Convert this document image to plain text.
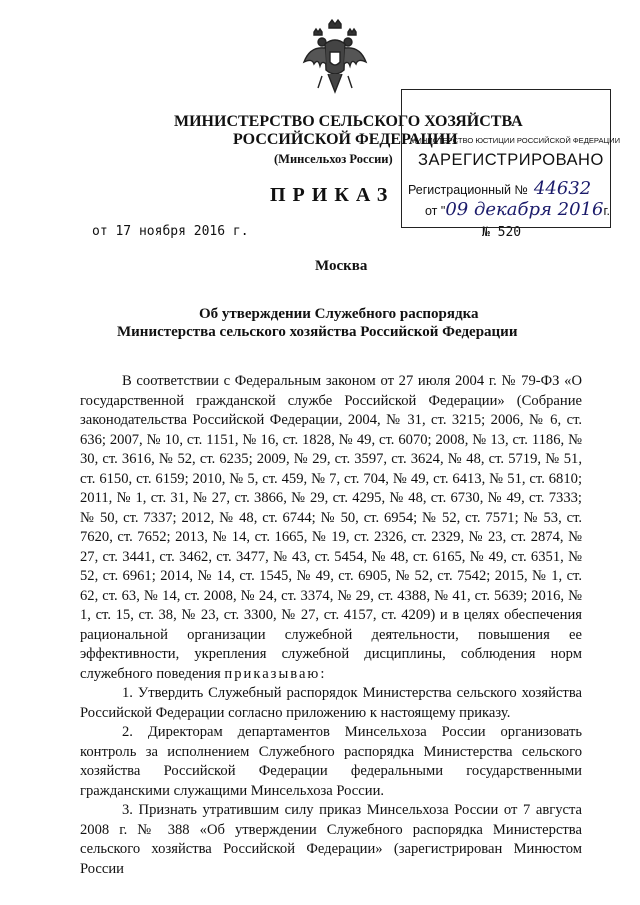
МИНИСТЕРСТВО СЕЛЬСКОГО ХОЗЯЙСТВА
РОССИЙСКОЙ ФЕДЕРАЦИИ
(Минсельхоз России)
ПРИКАЗ
от 17 ноября 2016 г.	№ 520
МИНИСТЕРСТВО ЮСТИЦИИ РОССИЙСКОЙ ФЕДЕРАЦИИ
ЗАРЕГИСТРИРОВАНО
Регистрационный № 44632
от "09 декабря 2016г.
Москва
Об утверждении Служебного распорядка
Министерства сельского хозяйства Российской Федерации

В соответствии с Федеральным законом от 27 июля 2004 г. № 79-ФЗ «О государственной гражданской службе Российской Федерации» (Собрание законодательства Российской Федерации, 2004, № 31, ст. 3215; 2006, № 6, ст. 636; 2007, № 10, ст. 1151, № 16, ст. 1828, № 49, ст. 6070; 2008, № 13, ст. 1186, № 30, ст. 3616, № 52, ст. 6235; 2009, № 29, ст. 3597, ст. 3624, № 48, ст. 5719, № 51, ст. 6150, ст. 6159; 2010, № 5, ст. 459, № 7, ст. 704, № 49, ст. 6413, № 51, ст. 6810; 2011, № 1, ст. 31, № 27, ст. 3866, № 29, ст. 4295, № 48, ст. 6730, № 49, ст. 7333; № 50, ст. 7337; 2012, № 48, ст. 6744; № 50, ст. 6954; № 52, ст. 7571; № 53, ст. 7620, ст. 7652; 2013, № 14, ст. 1665, № 19, ст. 2326, ст. 2329, № 23, ст. 2874, № 27, ст. 3441, ст. 3462, ст. 3477, № 43, ст. 5454, № 48, ст. 6165, № 49, ст. 6351, № 52, ст. 6961; 2014, № 14, ст. 1545, № 49, ст. 6905, № 52, ст. 7542; 2015, № 1, ст. 62, ст. 63, № 14, ст. 2008, № 24, ст. 3374, № 29, ст. 4388, № 41, ст. 5639; 2016, № 1, ст. 15, ст. 38, № 23, ст. 3300, № 27, ст. 4157, ст. 4209) и в целях обеспечения рациональной организации служебной деятельности, повышения ее эффективности, укрепления служебной дисциплины, соблюдения норм служебного поведения приказываю:

1. Утвердить Служебный распорядок Министерства сельского хозяйства Российской Федерации согласно приложению к настоящему приказу.

2. Директорам департаментов Минсельхоза России организовать контроль за исполнением Служебного распорядка Министерства сельского хозяйства Российской Федерации федеральными государственными гражданскими служащими Минсельхоза России.

3. Признать утратившим силу приказ Минсельхоза России от 7 августа 2008 г. № 388 «Об утверждении Служебного распорядка Министерства сельского хозяйства Российской Федерации» (зарегистрирован Минюстом России
